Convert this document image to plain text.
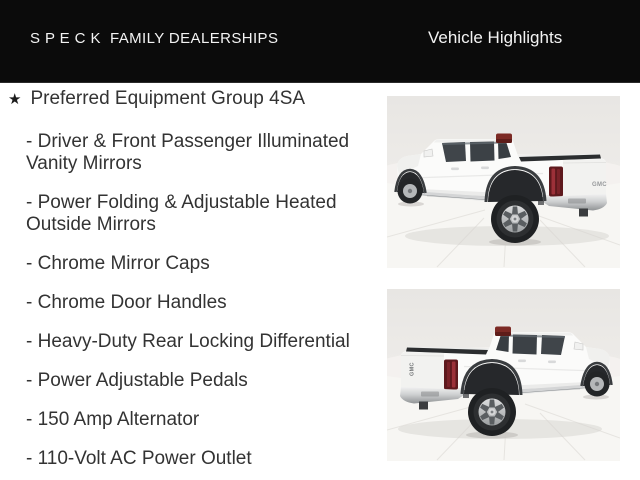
S P E C K  FAMILY DEALERSHIPS	Vehicle Highlights
★ Preferred Equipment Group 4SA

- Driver & Front Passenger Illuminated Vanity Mirrors

- Power Folding & Adjustable Heated Outside Mirrors

- Chrome Mirror Caps

- Chrome Door Handles

- Heavy-Duty Rear Locking Differential

- Power Adjustable Pedals

- 150 Amp Alternator

- 110-Volt AC Power Outlet

GMC
GMC
